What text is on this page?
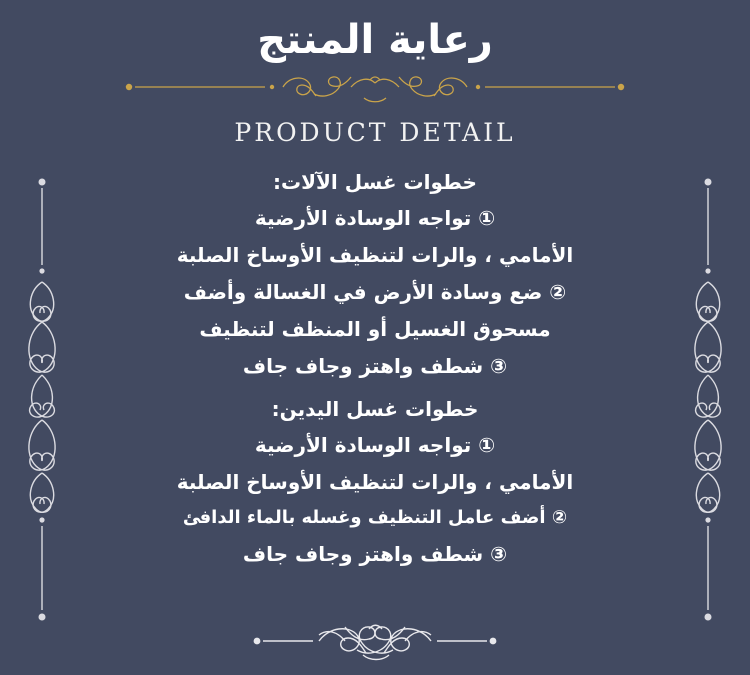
رعاية المنتج
PRODUCT DETAIL

خطوات غسل الآلات:

① تواجه الوسادة الأرضية

الأمامي ، والرات لتنظيف الأوساخ الصلبة

② ضع وسادة الأرض في الغسالة وأضف

مسحوق الغسيل أو المنظف لتنظيف

③ شطف واهتز وجاف جاف

خطوات غسل اليدين:

① تواجه الوسادة الأرضية

الأمامي ، والرات لتنظيف الأوساخ الصلبة

② أضف عامل التنظيف وغسله بالماء الدافئ

③ شطف واهتز وجاف جاف
